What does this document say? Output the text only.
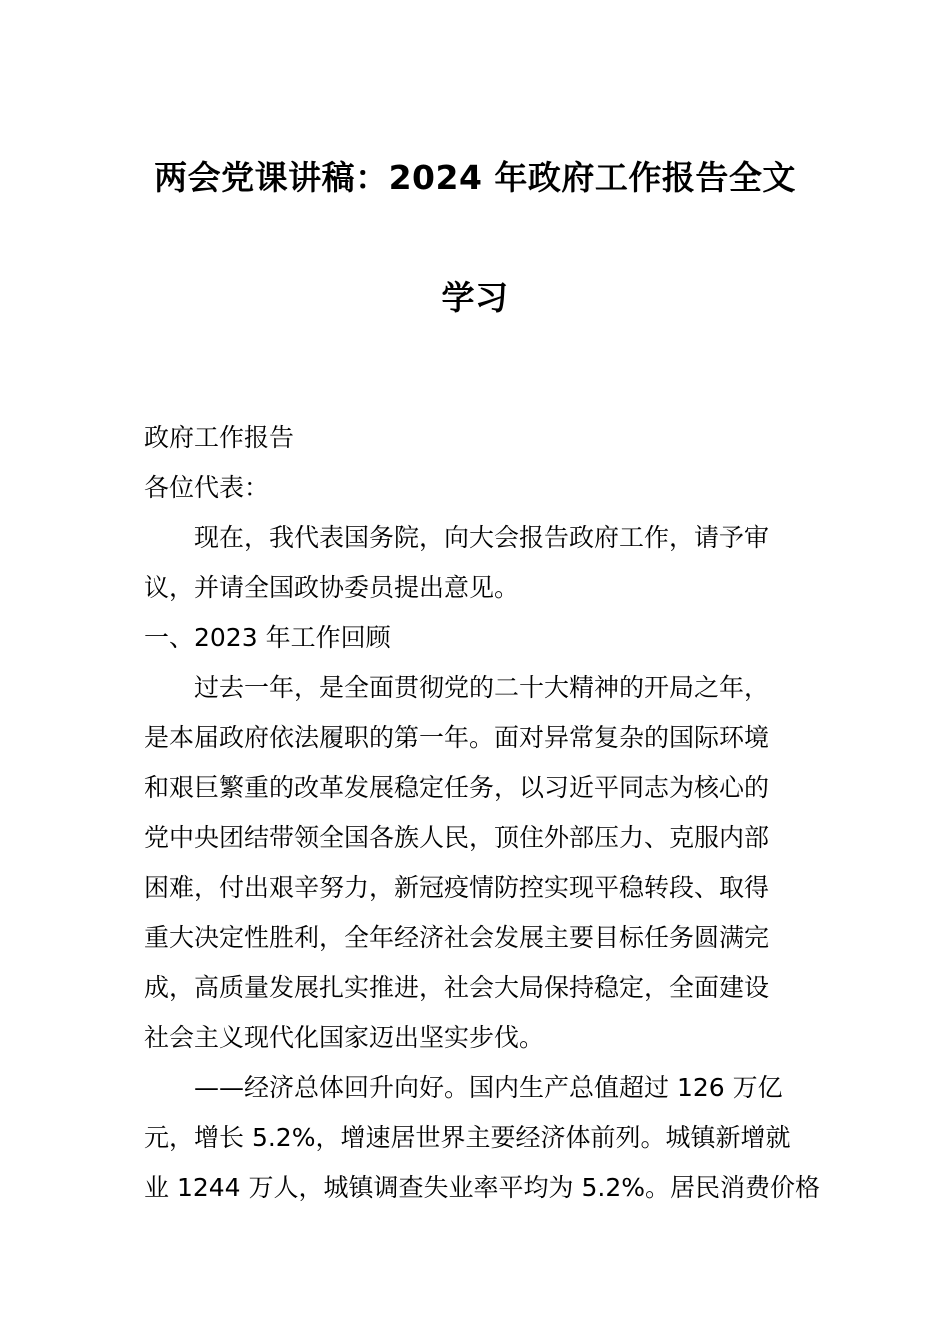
两会党课讲稿：2024 年政府工作报告全文
学习
政府工作报告
各位代表：
现在，我代表国务院，向大会报告政府工作，请予审
议，并请全国政协委员提出意见。
一、2023 年工作回顾
过去一年，是全面贯彻党的二十大精神的开局之年，
是本届政府依法履职的第一年。面对异常复杂的国际环境
和艰巨繁重的改革发展稳定任务，以习近平同志为核心的
党中央团结带领全国各族人民，顶住外部压力、克服内部
困难，付出艰辛努力，新冠疫情防控实现平稳转段、取得
重大决定性胜利，全年经济社会发展主要目标任务圆满完
成，高质量发展扎实推进，社会大局保持稳定，全面建设
社会主义现代化国家迈出坚实步伐。
——经济总体回升向好。国内生产总值超过 126 万亿
元，增长 5.2%，增速居世界主要经济体前列。城镇新增就
业 1244 万人，城镇调查失业率平均为 5.2%。居民消费价格
